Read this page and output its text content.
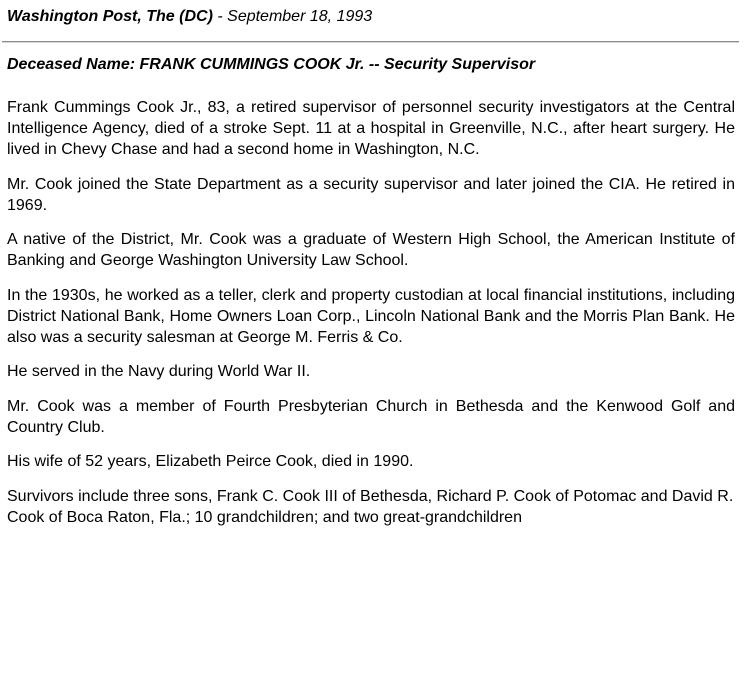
Washington Post, The (DC) - September 18, 1993
Deceased Name: FRANK CUMMINGS COOK Jr. -- Security Supervisor

Frank Cummings Cook Jr., 83, a retired supervisor of personnel security investigators at the Central Intelligence Agency, died of a stroke Sept. 11 at a hospital in Greenville, N.C., after heart surgery. He lived in Chevy Chase and had a second home in Washington, N.C.

Mr. Cook joined the State Department as a security supervisor and later joined the CIA. He retired in 1969.

A native of the District, Mr. Cook was a graduate of Western High School, the American Institute of Banking and George Washington University Law School.

In the 1930s, he worked as a teller, clerk and property custodian at local financial institutions, including District National Bank, Home Owners Loan Corp., Lincoln National Bank and the Morris Plan Bank. He also was a security salesman at George M. Ferris & Co.

He served in the Navy during World War II.

Mr. Cook was a member of Fourth Presbyterian Church in Bethesda and the Kenwood Golf and Country Club.

His wife of 52 years, Elizabeth Peirce Cook, died in 1990.

Survivors include three sons, Frank C. Cook III of Bethesda, Richard P. Cook of Potomac and David R. Cook of Boca Raton, Fla.; 10 grandchildren; and two great-grandchildren
